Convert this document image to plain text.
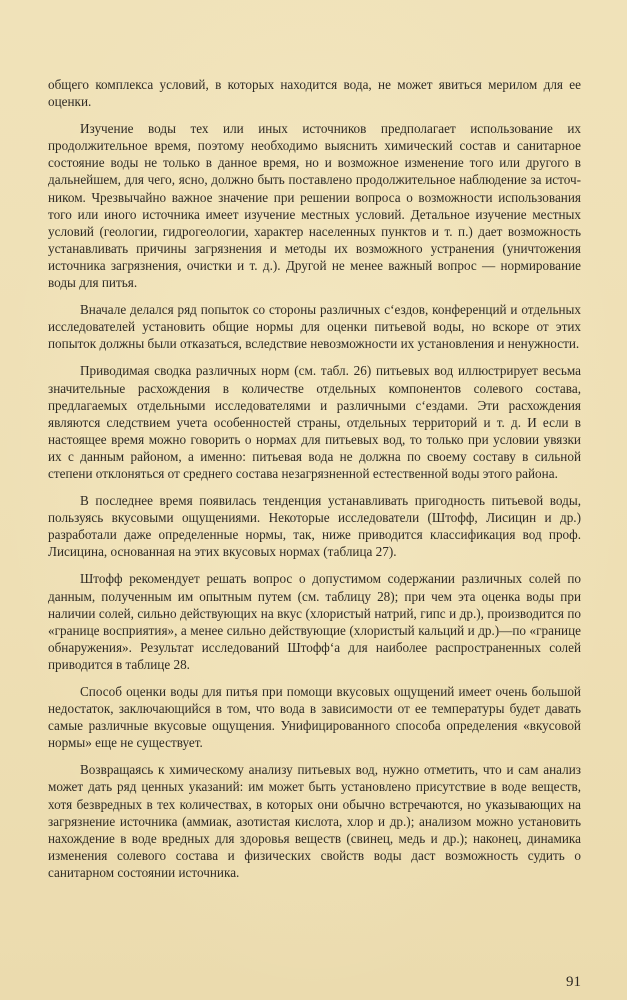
общего комплекса условий, в которых находится вода, не может явиться мерилом для ее оценки.

Изучение воды тех или иных источников предполагает использование их продолжительное время, поэтому необходимо выяснить химический состав и санитарное состояние воды не только в данное время, но и возможное изменение того или другого в дальнейшем, для чего, ясно, должно быть поставлено продолжительное наблюдение за источником. Чрезвычайно важное значение при решении вопроса о возможности использования того или иного источника имеет изучение местных условий. Детальное изучение местных условий (геологии, гидрогеологии, характер населенных пунктов и т. п.) дает возможность устанавливать причины загрязнения и методы их возможного устранения (уничтожения источника загрязнения, очистки и т. д.). Другой не менее важный вопрос — нормирование воды для питья.

Вначале делался ряд попыток со стороны различных с‘ездов, конференций и отдельных исследователей установить общие нормы для оценки питьевой воды, но вскоре от этих попыток должны были отказаться, вследствие невозможности их установления и ненужности.

Приводимая сводка различных норм (см. табл. 26) питьевых вод иллюстрирует весьма значительные расхождения в количестве отдельных компонентов солевого состава, предлагаемых отдельными исследователями и различными с‘ездами. Эти расхождения являются следствием учета особенностей страны, отдельных территорий и т. д. И если в настоящее время можно говорить о нормах для питьевых вод, то только при условии увязки их с данным районом, а именно: питьевая вода не должна по своему составу в сильной степени отклоняться от среднего состава незагрязненной естественной воды этого района.

В последнее время появилась тенденция устанавливать пригодность питьевой воды, пользуясь вкусовыми ощущениями. Некоторые исследователи (Штофф, Лисицин и др.) разработали даже определенные нормы, так, ниже приводится классификация вод проф. Лисицина, основанная на этих вкусовых нормах (таблица 27).

Штофф рекомендует решать вопрос о допустимом содержании различных солей по данным, полученным им опытным путем (см. таблицу 28); при чем эта оценка воды при наличии солей, сильно действующих на вкус (хлористый натрий, гипс и др.), производится по «границе восприятия», а менее сильно действующие (хлористый кальций и др.)—по «границе обнаружения». Результат исследований Штофф‘а для наиболее распространенных солей приводится в таблице 28.

Способ оценки воды для питья при помощи вкусовых ощущений имеет очень большой недостаток, заключающийся в том, что вода в зависимости от ее температуры будет давать самые различные вкусовые ощущения. Унифицированного способа определения «вкусовой нормы» еще не существует.

Возвращаясь к химическому анализу питьевых вод, нужно отметить, что и сам анализ может дать ряд ценных указаний: им может быть установлено присутствие в воде веществ, хотя безвредных в тех количествах, в которых они обычно встречаются, но указывающих на загрязнение источника (аммиак, азотистая кислота, хлор и др.); анализом можно установить нахождение в воде вредных для здоровья веществ (свинец, медь и др.); наконец, динамика изменения солевого состава и физических свойств воды даст возможность судить о санитарном состоянии источника.

91
